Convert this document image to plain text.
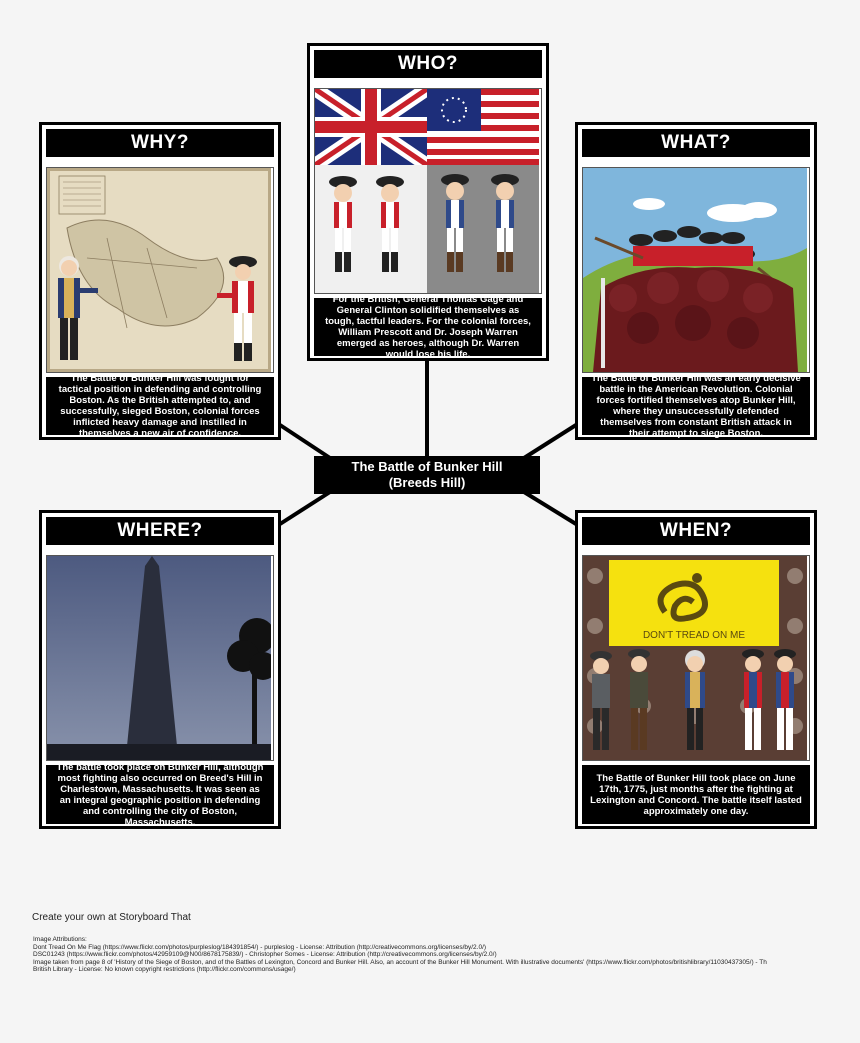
WHO?
For the British, General Thomas Gage and General Clinton solidified themselves as tough, tactful leaders. For the colonial forces, William Prescott and Dr. Joseph Warren emerged as heroes, although Dr. Warren would lose his life.
WHY?
The Battle of Bunker Hill was fought for tactical position in defending and controlling Boston. As the British attempted to, and successfully, sieged Boston, colonial forces inflicted heavy damage and instilled in themselves a new air of confidence.
WHAT?
The Battle of Bunker Hill was an early decisive battle in the American Revolution. Colonial forces fortified themselves atop Bunker Hill, where they unsuccessfully defended themselves from constant British attack in their attempt to siege Boston.
The Battle of Bunker Hill
(Breeds Hill)
WHERE?
The battle took place on Bunker Hill, although most fighting also occurred on Breed's Hill in Charlestown, Massachusetts. It was seen as an integral geographic position in defending and controlling the city of Boston, Massachusetts.
WHEN?
DON'T TREAD ON ME
The Battle of Bunker Hill took place on June 17th, 1775, just months after the fighting at Lexington and Concord. The battle itself lasted approximately one day.
Create your own at Storyboard That
Image Attributions:
Dont Tread On Me Flag (https://www.flickr.com/photos/purpleslog/184391854/) - purpleslog - License: Attribution (http://creativecommons.org/licenses/by/2.0/)
DSC01243 (https://www.flickr.com/photos/42959109@N00/8678175839/) - Christopher Somes - License: Attribution (http://creativecommons.org/licenses/by/2.0/)
Image taken from page 8 of 'History of the Siege of Boston, and of the Battles of Lexington, Concord and Bunker Hill. Also, an account of the Bunker Hill Monument. With illustrative documents' (https://www.flickr.com/photos/britishlibrary/11030437305/) - Th
British Library - License: No known copyright restrictions (http://flickr.com/commons/usage/)
